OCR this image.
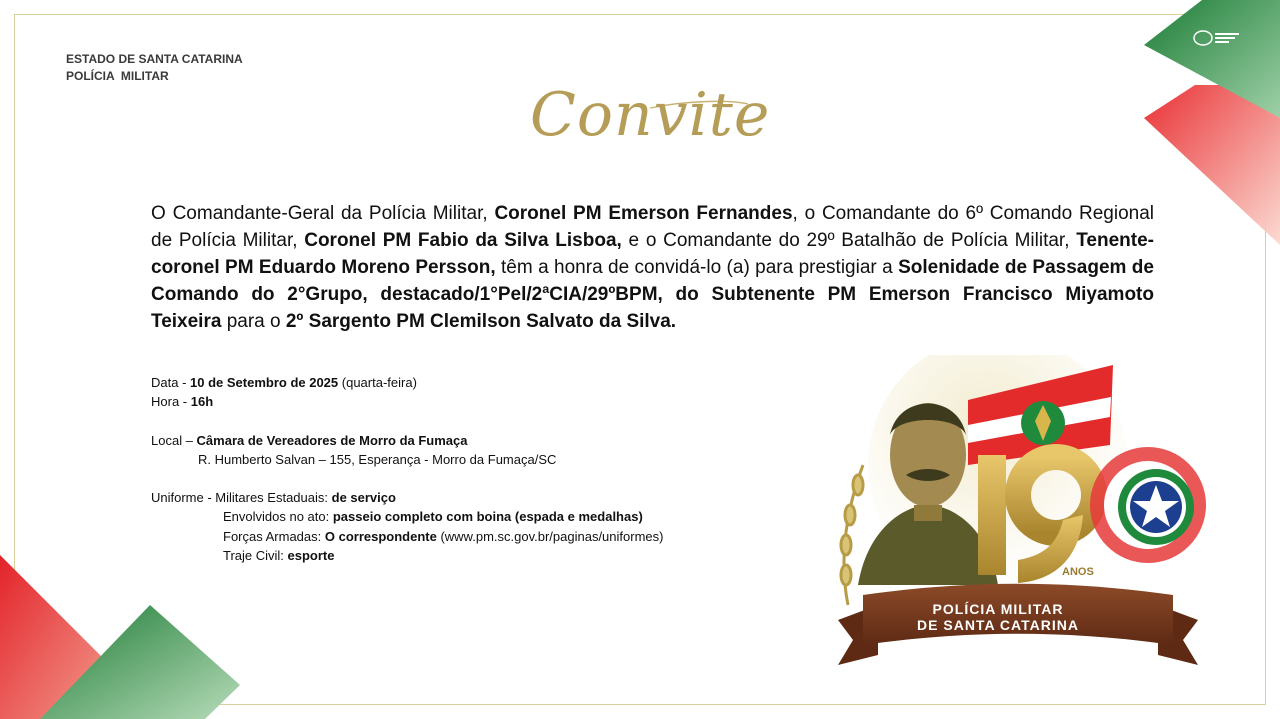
ESTADO DE SANTA CATARINA
POLÍCIA  MILITAR
Convite
O Comandante-Geral da Polícia Militar, Coronel PM Emerson Fernandes, o Comandante do 6º Comando Regional de Polícia Militar, Coronel PM Fabio da Silva Lisboa, e o Comandante do 29º Batalhão de Polícia Militar, Tenente-coronel PM Eduardo Moreno Persson, têm a honra de convidá-lo (a) para prestigiar a Solenidade de Passagem de Comando do 2°Grupo, destacado/1°Pel/2ªCIA/29ºBPM, do Subtenente PM Emerson Francisco Miyamoto Teixeira para o 2º Sargento PM Clemilson Salvato da Silva.
Data - 10 de Setembro de 2025 (quarta-feira)
Hora - 16h
Local – Câmara de Vereadores de Morro da Fumaça
R. Humberto Salvan – 155, Esperança - Morro da Fumaça/SC
Uniforme - Militares Estaduais: de serviço
Envolvidos no ato: passeio completo com boina (espada e medalhas)
Forças Armadas: O correspondente (www.pm.sc.gov.br/paginas/uniformes)
Traje Civil: esporte
ANOS
POLÍCIA MILITAR
DE SANTA CATARINA
